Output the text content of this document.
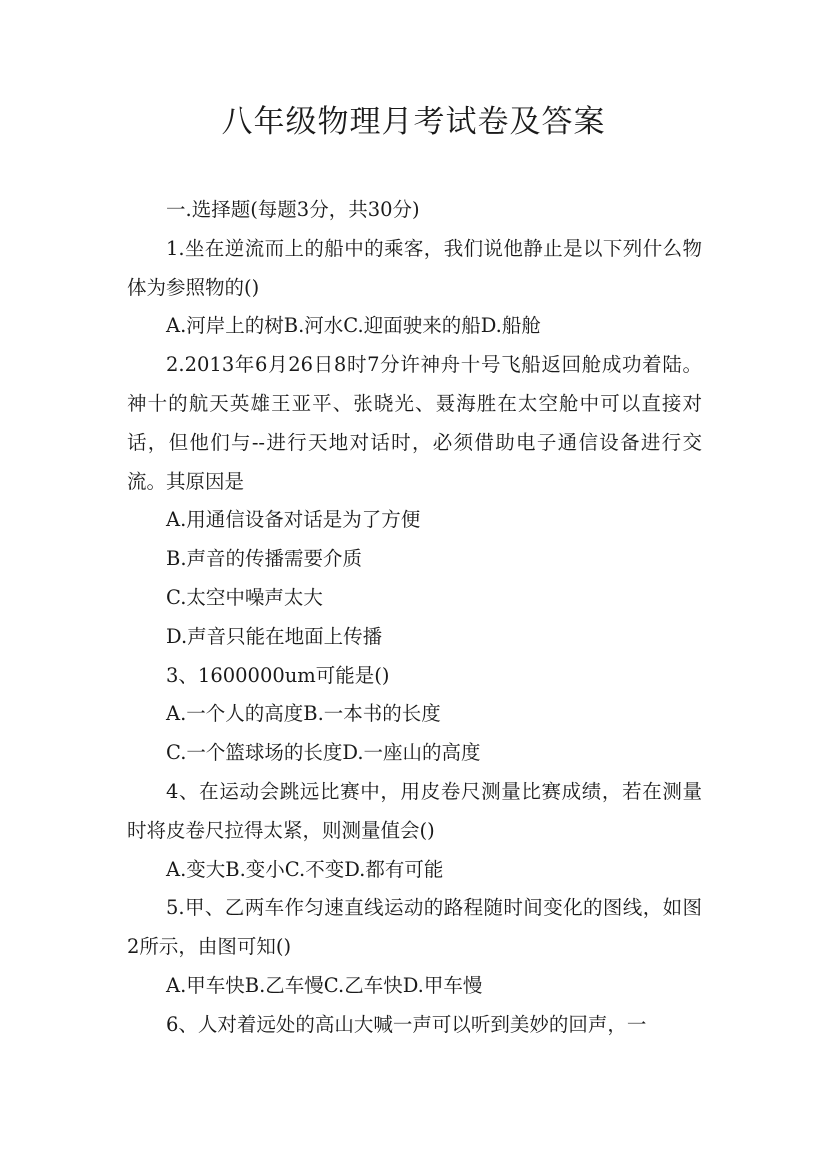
八年级物理月考试卷及答案

一.选择题(每题3分，共30分)

1.坐在逆流而上的船中的乘客，我们说他静止是以下列什么物体为参照物的()

A.河岸上的树B.河水C.迎面驶来的船D.船舱

2.2013年6月26日8时7分许神舟十号飞船返回舱成功着陆。神十的航天英雄王亚平、张晓光、聂海胜在太空舱中可以直接对话，但他们与--进行天地对话时，必须借助电子通信设备进行交流。其原因是

A.用通信设备对话是为了方便

B.声音的传播需要介质

C.太空中噪声太大

D.声音只能在地面上传播

3、1600000um可能是()

A.一个人的高度B.一本书的长度

C.一个篮球场的长度D.一座山的高度

4、在运动会跳远比赛中，用皮卷尺测量比赛成绩，若在测量时将皮卷尺拉得太紧，则测量值会()

A.变大B.变小C.不变D.都有可能

5.甲、乙两车作匀速直线运动的路程随时间变化的图线，如图2所示，由图可知()

A.甲车快B.乙车慢C.乙车快D.甲车慢

6、人对着远处的高山大喊一声可以听到美妙的回声，一
